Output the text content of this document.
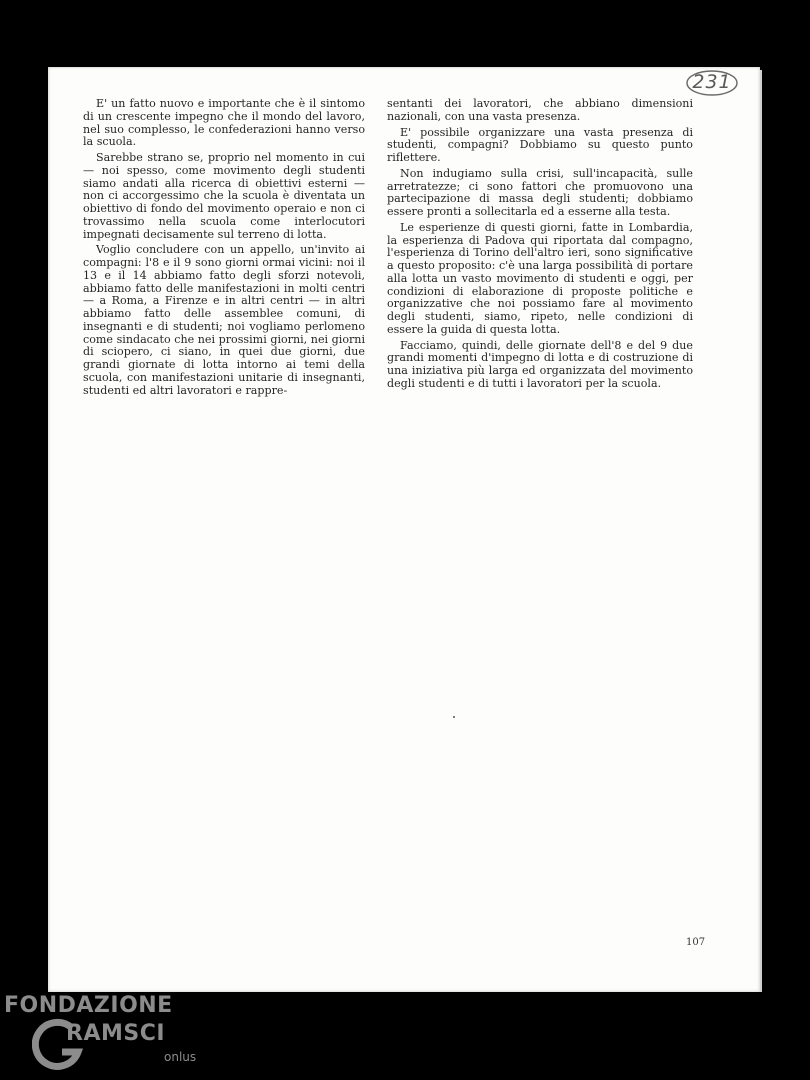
231

E' un fatto nuovo e importante che è il sintomo di un crescente impegno che il mondo del lavoro, nel suo complesso, le confederazioni hanno verso la scuola.

Sarebbe strano se, proprio nel momento in cui — noi spesso, come movimento degli studenti siamo andati alla ricerca di obiettivi esterni — non ci accorgessimo che la scuola è diventata un obiettivo di fondo del movimento operaio e non ci trovassimo nella scuola come interlocutori impegnati decisamente sul terreno di lotta.

Voglio concludere con un appello, un'invito ai compagni: l'8 e il 9 sono giorni ormai vicini: noi il 13 e il 14 abbiamo fatto degli sforzi notevoli, abbiamo fatto delle manifestazioni in molti centri — a Roma, a Firenze e in altri centri — in altri abbiamo fatto delle assemblee comuni, di insegnanti e di studenti; noi vogliamo perlomeno come sindacato che nei prossimi giorni, nei giorni di sciopero, ci siano, in quei due giorni, due grandi giornate di lotta intorno ai temi della scuola, con manifestazioni unitarie di insegnanti, studenti ed altri lavoratori e rappre-

sentanti dei lavoratori, che abbiano dimensioni nazionali, con una vasta presenza.

E' possibile organizzare una vasta presenza di studenti, compagni? Dobbiamo su questo punto riflettere.

Non indugiamo sulla crisi, sull'incapacità, sulle arretratezze; ci sono fattori che promuovono una partecipazione di massa degli studenti; dobbiamo essere pronti a sollecitarla ed a esserne alla testa.

Le esperienze di questi giorni, fatte in Lombardia, la esperienza di Padova qui riportata dal compagno, l'esperienza di Torino dell'altro ieri, sono significative a questo proposito: c'è una larga possibilità di portare alla lotta un vasto movimento di studenti e oggi, per condizioni di elaborazione di proposte politiche e organizzative che noi possiamo fare al movimento degli studenti, siamo, ripeto, nelle condizioni di essere la guida di questa lotta.

Facciamo, quindi, delle giornate dell'8 e del 9 due grandi momenti d'impegno di lotta e di costruzione di una iniziativa più larga ed organizzata del movimento degli studenti e di tutti i lavoratori per la scuola.

107
FONDAZIONE
RAMSCI
onlus
